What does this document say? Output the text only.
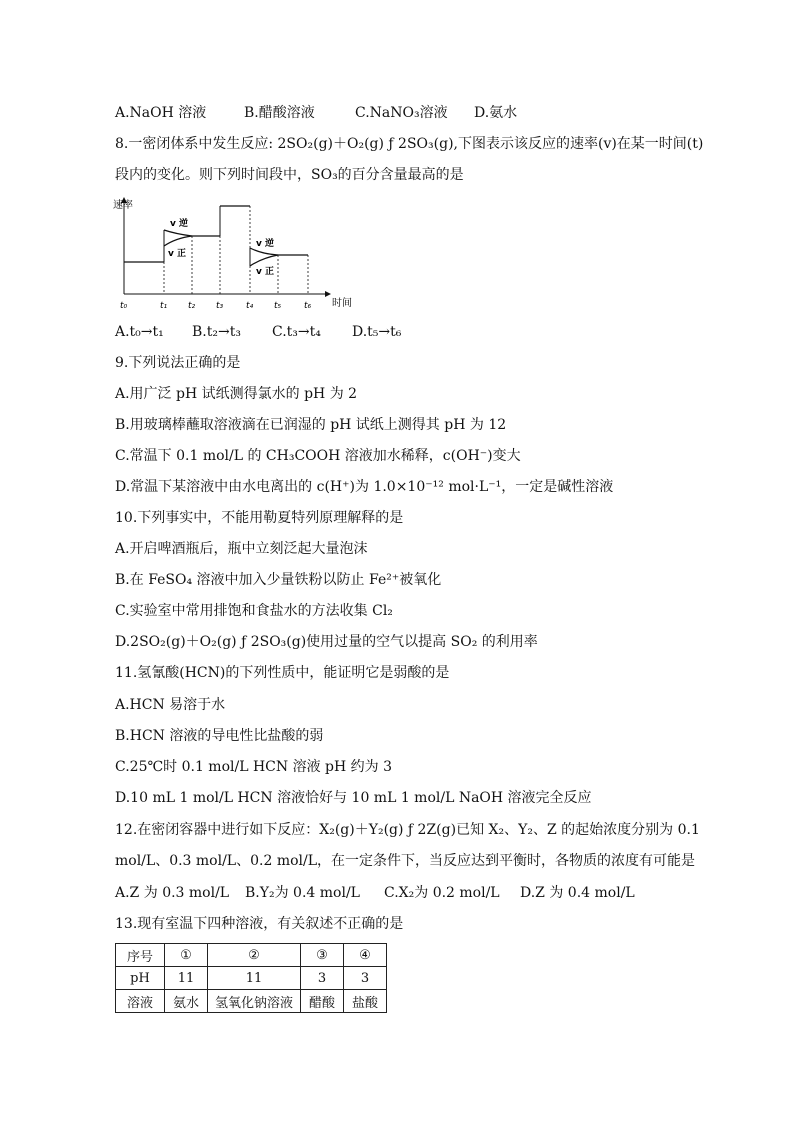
A.NaOH 溶液	B.醋酸溶液	C.NaNO₃溶液 D.氨水
8.一密闭体系中发生反应: 2SO₂(g)＋O₂(g) ƒ 2SO₃(g),下图表示该反应的速率(v)在某一时间(t)
段内的变化。则下列时间段中，SO₃的百分含量最高的是
速率
时间
v 逆
v 正
v 逆
v 正
t₀	t₁ t₂ t₃	t₄ t₅	t₆
A.t₀→t₁ B.t₂→t₃ C.t₃→t₄ D.t₅→t₆
9.下列说法正确的是
A.用广泛 pH 试纸测得氯水的 pH 为 2
B.用玻璃棒蘸取溶液滴在已润湿的 pH 试纸上测得其 pH 为 12
C.常温下 0.1 mol/L 的 CH₃COOH 溶液加水稀释，c(OH⁻)变大
D.常温下某溶液中由水电离出的 c(H⁺)为 1.0×10⁻¹² mol·L⁻¹，一定是碱性溶液
10.下列事实中，不能用勒夏特列原理解释的是
A.开启啤酒瓶后，瓶中立刻泛起大量泡沫
B.在 FeSO₄ 溶液中加入少量铁粉以防止 Fe²⁺被氧化
C.实验室中常用排饱和食盐水的方法收集 Cl₂
D.2SO₂(g)＋O₂(g) ƒ 2SO₃(g)使用过量的空气以提高 SO₂ 的利用率
11.氢氰酸(HCN)的下列性质中，能证明它是弱酸的是
A.HCN 易溶于水
B.HCN 溶液的导电性比盐酸的弱
C.25℃时 0.1 mol/L HCN 溶液 pH 约为 3
D.10 mL 1 mol/L HCN 溶液恰好与 10 mL 1 mol/L NaOH 溶液完全反应
12.在密闭容器中进行如下反应：X₂(g)＋Y₂(g) ƒ 2Z(g)已知 X₂、Y₂、Z 的起始浓度分别为 0.1
mol/L、0.3 mol/L、0.2 mol/L，在一定条件下，当反应达到平衡时，各物质的浓度有可能是
A.Z 为 0.3 mol/L B.Y₂为 0.4 mol/L C.X₂为 0.2 mol/L D.Z 为 0.4 mol/L
13.现有室温下四种溶液，有关叙述不正确的是
序号	①	②	③	④
pH	11	11	3	3
溶液	氨水	氢氧化钠溶液	醋酸	盐酸
